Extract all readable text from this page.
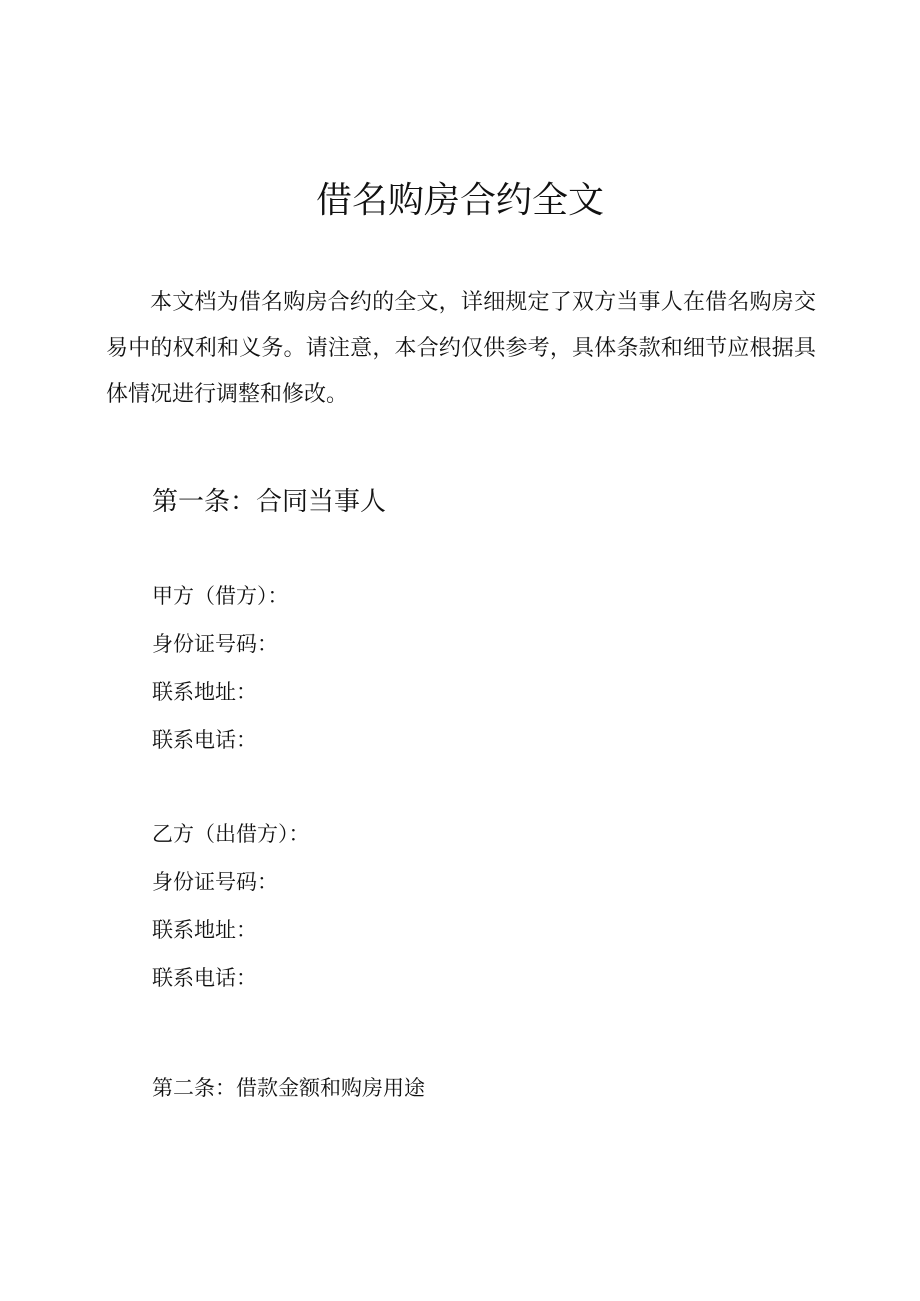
借名购房合约全文

本文档为借名购房合约的全文，详细规定了双方当事人在借名购房交易中的权利和义务。请注意，本合约仅供参考，具体条款和细节应根据具体情况进行调整和修改。

第一条：合同当事人
甲方（借方）：
身份证号码：
联系地址：
联系电话：
乙方（出借方）：
身份证号码：
联系地址：
联系电话：
第二条：借款金额和购房用途
